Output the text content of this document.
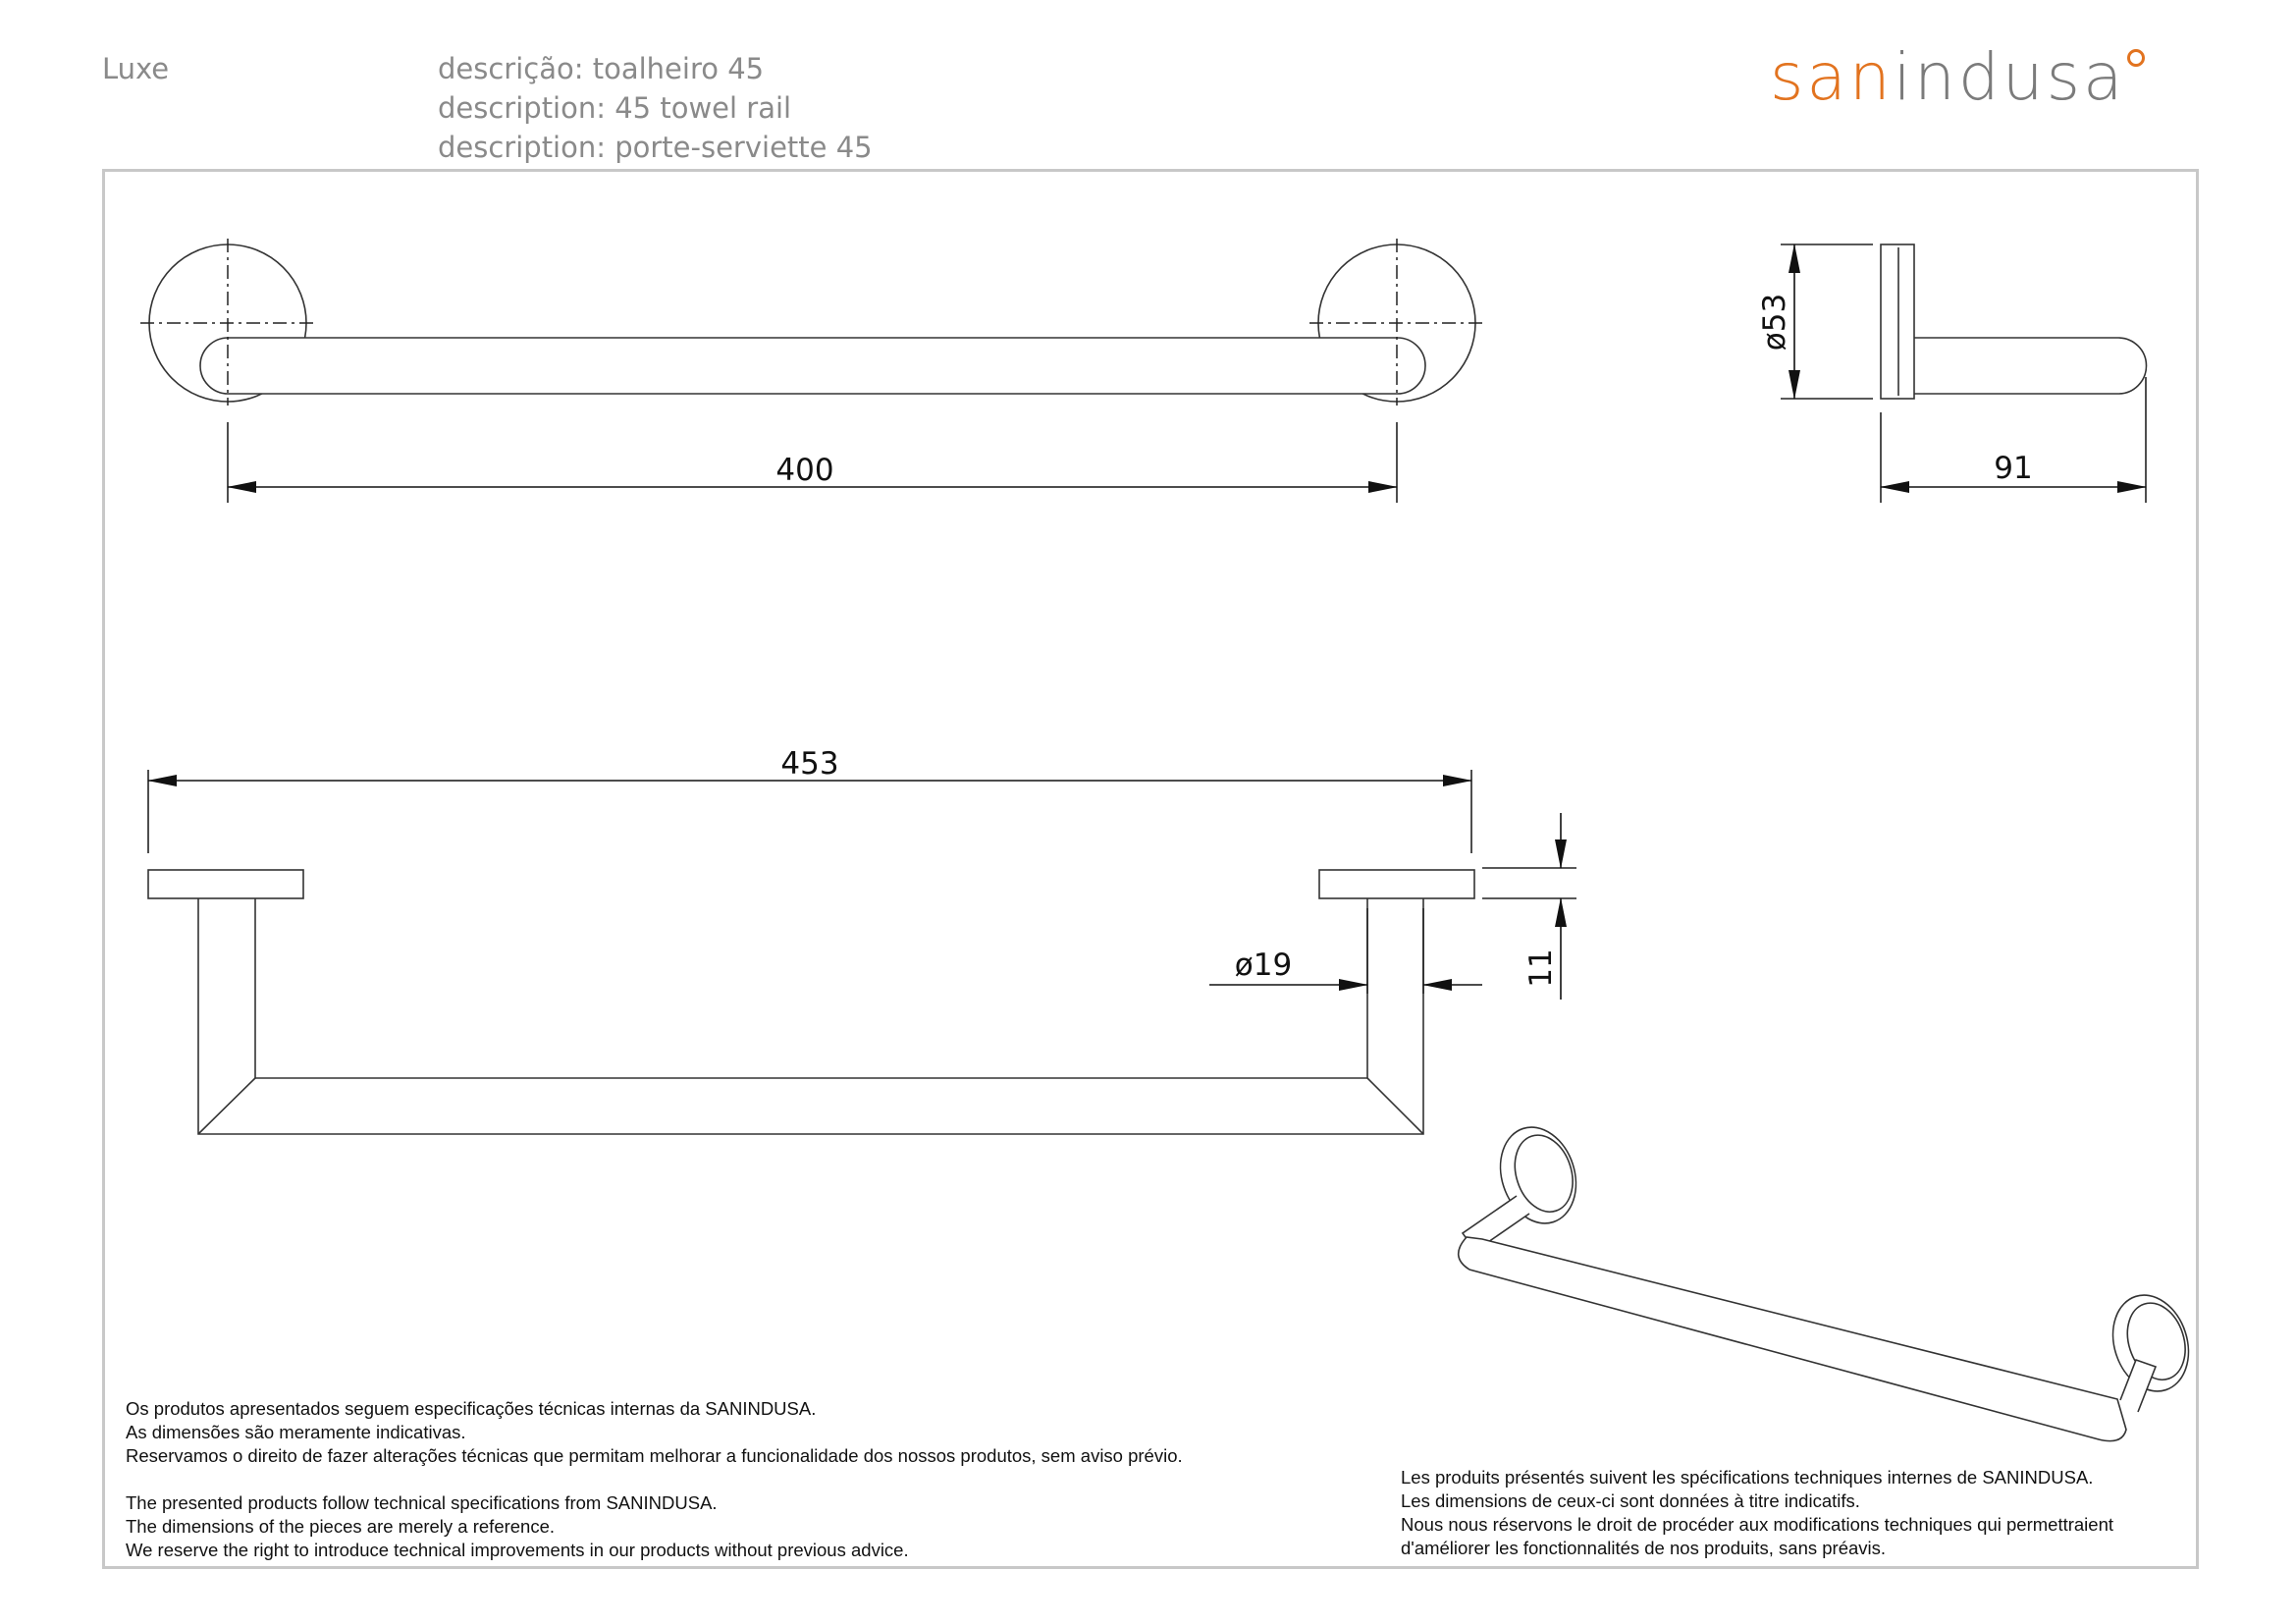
Luxe	descrição: toalheiro 45
description: 45 towel rail
description: porte-serviette 45
sanindusa
400
ø53
91
453
ø19	11
Os produtos apresentados seguem especificações técnicas internas da SANINDUSA.
As dimensões são meramente indicativas.
Reservamos o direito de fazer alterações técnicas que permitam melhorar a funcionalidade dos nossos produtos, sem aviso prévio.
The presented products follow technical specifications from SANINDUSA.
The dimensions of the pieces are merely a reference.
We reserve the right to introduce technical improvements in our products without previous advice.
Les produits présentés suivent les spécifications techniques internes de SANINDUSA.
Les dimensions de ceux-ci sont données à titre indicatifs.
Nous nous réservons le droit de procéder aux modifications techniques qui permettraient
d'améliorer les fonctionnalités de nos produits, sans préavis.
